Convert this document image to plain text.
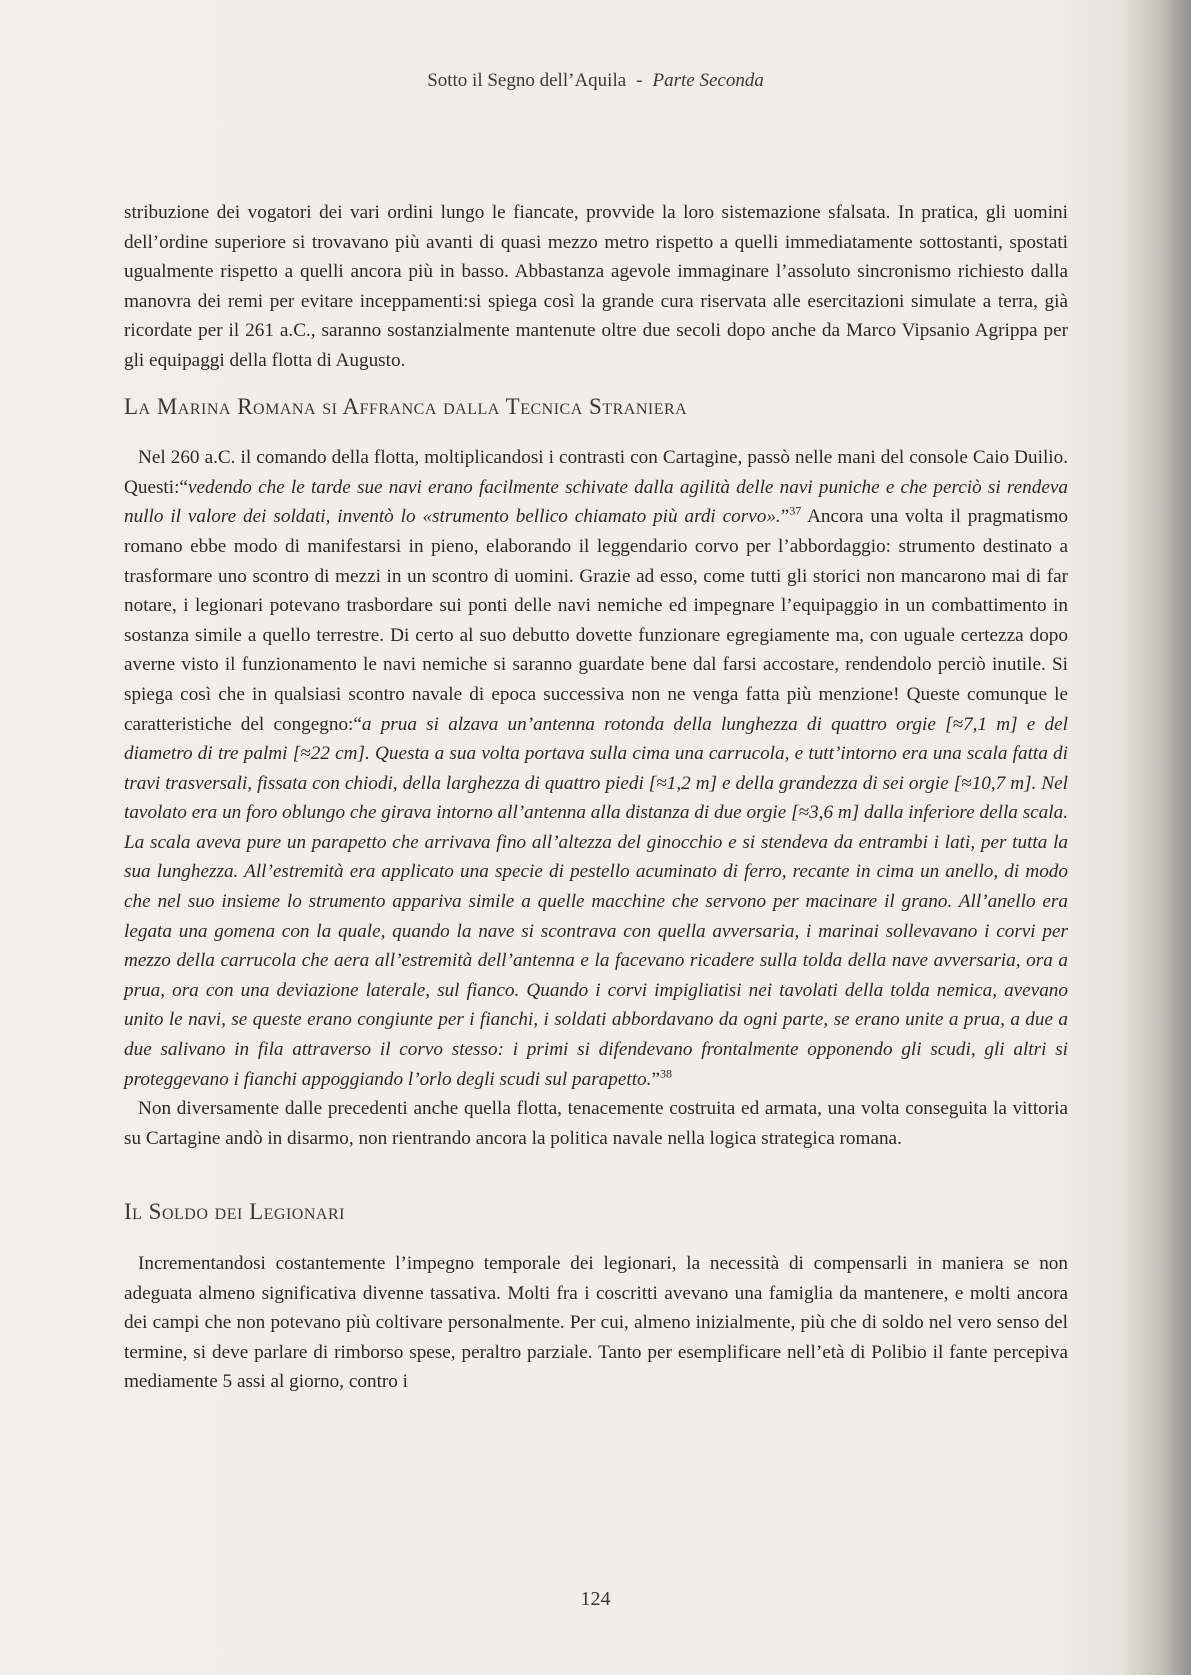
Sotto il Segno dell’Aquila - Parte Seconda

stribuzione dei vogatori dei vari ordini lungo le fiancate, provvide la loro sistemazione sfalsata. In pratica, gli uomini dell’ordine superiore si trovavano più avanti di quasi mezzo metro rispetto a quelli immediatamente sottostanti, spostati ugualmente rispetto a quelli ancora più in basso. Abbastanza agevole immaginare l’assoluto sincronismo richiesto dalla manovra dei remi per evitare inceppamenti:si spiega così la grande cura riservata alle esercitazioni simulate a terra, già ricordate per il 261 a.C., saranno sostanzialmente mantenute oltre due secoli dopo anche da Marco Vipsanio Agrippa per gli equipaggi della flotta di Augusto.

La Marina Romana si Affranca dalla Tecnica Straniera

Nel 260 a.C. il comando della flotta, moltiplicandosi i contrasti con Cartagine, passò nelle mani del console Caio Duilio. Questi:“vedendo che le tarde sue navi erano facilmente schivate dalla agilità delle navi puniche e che perciò si rendeva nullo il valore dei soldati, inventò lo «strumento bellico chiamato più ardi corvo».”$^{37}$ Ancora una volta il pragmatismo romano ebbe modo di manifestarsi in pieno, elaborando il leggendario corvo per l’abbordaggio: strumento destinato a trasformare uno scontro di mezzi in un scontro di uomini. Grazie ad esso, come tutti gli storici non mancarono mai di far notare, i legionari potevano trasbordare sui ponti delle navi nemiche ed impegnare l’equipaggio in un combattimento in sostanza simile a quello terrestre. Di certo al suo debutto dovette funzionare egregiamente ma, con uguale certezza dopo averne visto il funzionamento le navi nemiche si saranno guardate bene dal farsi accostare, rendendolo perciò inutile. Si spiega così che in qualsiasi scontro navale di epoca successiva non ne venga fatta più menzione! Queste comunque le caratteristiche del congegno:“a prua si alzava un’antenna rotonda della lunghezza di quattro orgie [≈7,1 m] e del diametro di tre palmi [≈22 cm]. Questa a sua volta portava sulla cima una carrucola, e tutt’intorno era una scala fatta di travi trasversali, fissata con chiodi, della larghezza di quattro piedi [≈1,2 m] e della grandezza di sei orgie [≈10,7 m]. Nel tavolato era un foro oblungo che girava intorno all’antenna alla distanza di due orgie [≈3,6 m] dalla inferiore della scala. La scala aveva pure un parapetto che arrivava fino all’altezza del ginocchio e si stendeva da entrambi i lati, per tutta la sua lunghezza. All’estremità era applicato una specie di pestello acuminato di ferro, recante in cima un anello, di modo che nel suo insieme lo strumento appariva simile a quelle macchine che servono per macinare il grano. All’anello era legata una gomena con la quale, quando la nave si scontrava con quella avversaria, i marinai sollevavano i corvi per mezzo della carrucola che aera all’estremità dell’antenna e la facevano ricadere sulla tolda della nave avversaria, ora a prua, ora con una deviazione laterale, sul fianco. Quando i corvi impigliatisi nei tavolati della tolda nemica, avevano unito le navi, se queste erano congiunte per i fianchi, i soldati abbordavano da ogni parte, se erano unite a prua, a due a due salivano in fila attraverso il corvo stesso: i primi si difendevano frontalmente opponendo gli scudi, gli altri si proteggevano i fianchi appoggiando l’orlo degli scudi sul parapetto.”$^{38}$

Non diversamente dalle precedenti anche quella flotta, tenacemente costruita ed armata, una volta conseguita la vittoria su Cartagine andò in disarmo, non rientrando ancora la politica navale nella logica strategica romana.

Il Soldo dei Legionari

Incrementandosi costantemente l’impegno temporale dei legionari, la necessità di compensarli in maniera se non adeguata almeno significativa divenne tassativa. Molti fra i coscritti avevano una famiglia da mantenere, e molti ancora dei campi che non potevano più coltivare personalmente. Per cui, almeno inizialmente, più che di soldo nel vero senso del termine, si deve parlare di rimborso spese, peraltro parziale. Tanto per esemplificare nell’età di Polibio il fante percepiva mediamente 5 assi al giorno, contro i

124
